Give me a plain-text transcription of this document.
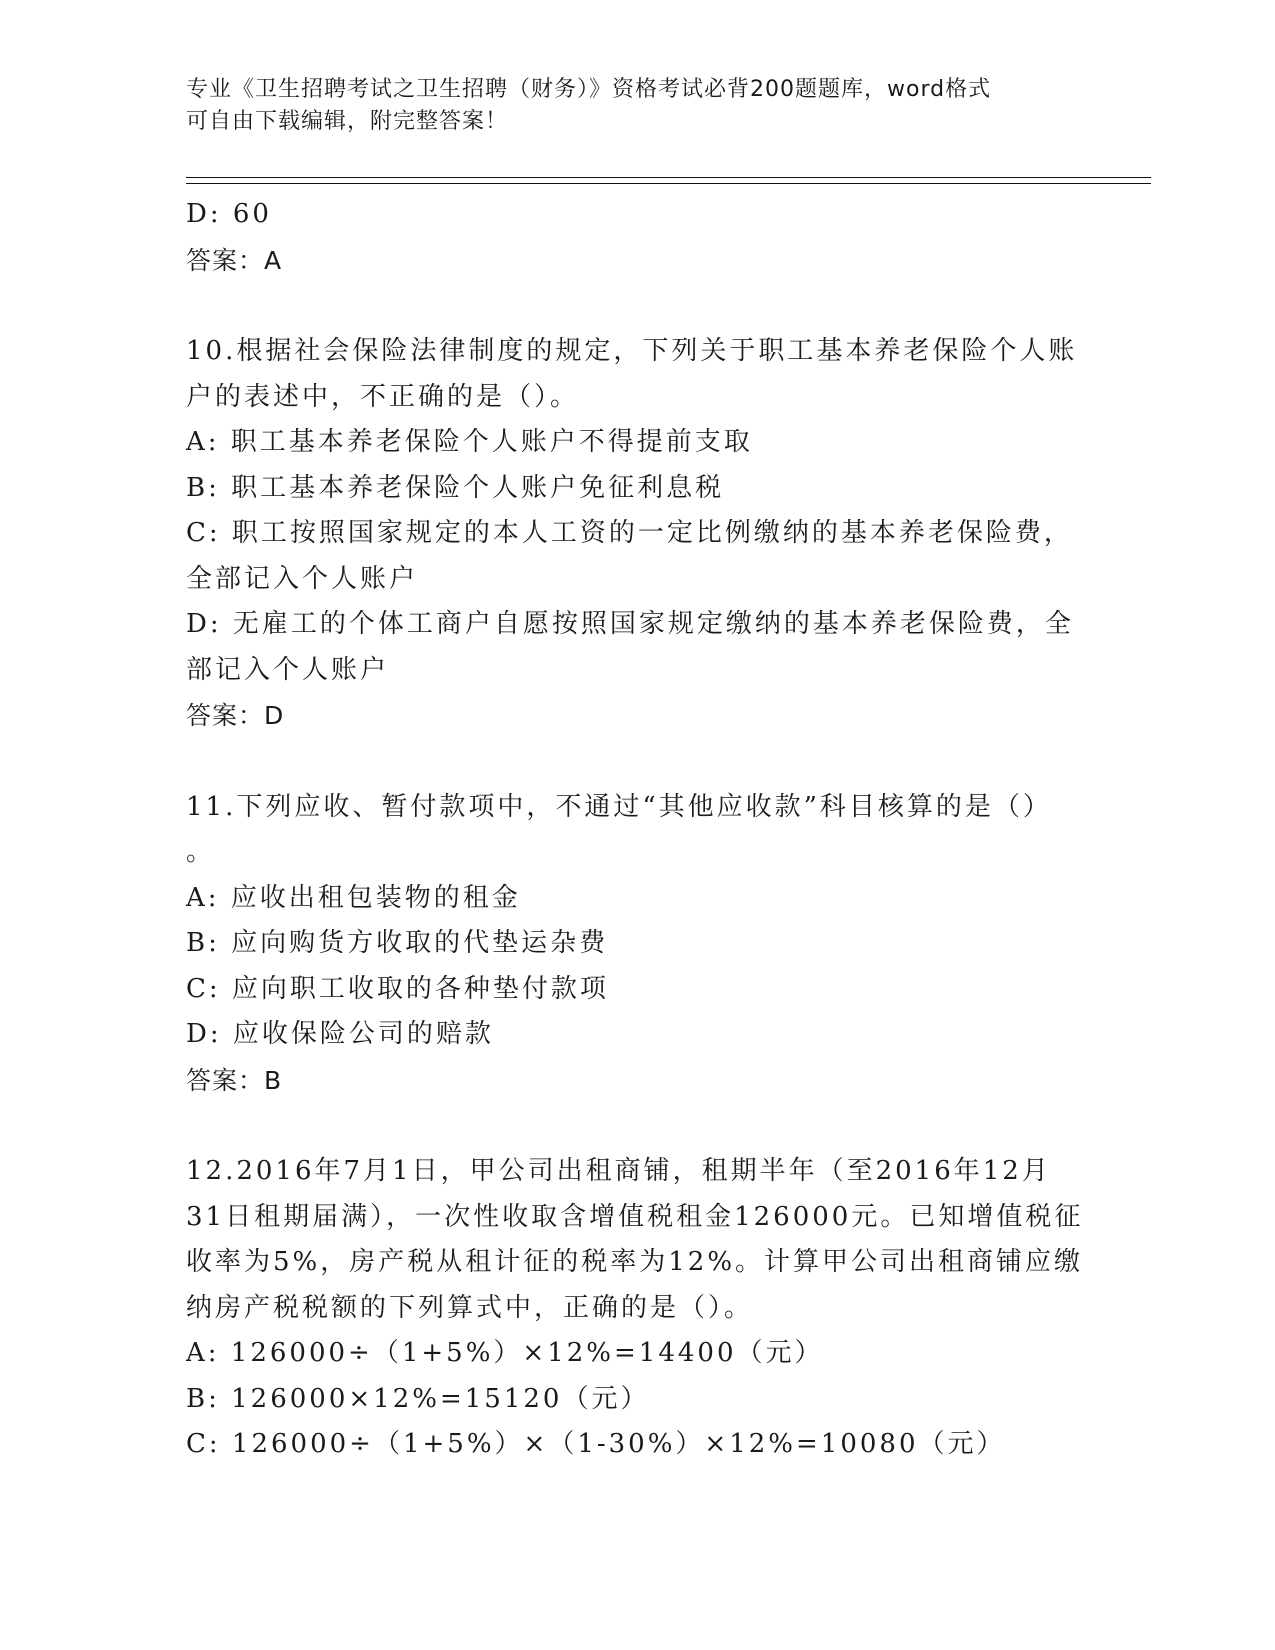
专业《卫生招聘考试之卫生招聘（财务）》资格考试必背200题题库，word格式
可自由下载编辑，附完整答案！

D: 60

答案：A

10.根据社会保险法律制度的规定，下列关于职工基本养老保险个人账

户的表述中，不正确的是（）。

A: 职工基本养老保险个人账户不得提前支取

B: 职工基本养老保险个人账户免征利息税

C: 职工按照国家规定的本人工资的一定比例缴纳的基本养老保险费，

全部记入个人账户

D: 无雇工的个体工商户自愿按照国家规定缴纳的基本养老保险费，全

部记入个人账户

答案：D

11.下列应收、暂付款项中，不通过“其他应收款”科目核算的是（）

。

A: 应收出租包装物的租金

B: 应向购货方收取的代垫运杂费

C: 应向职工收取的各种垫付款项

D: 应收保险公司的赔款

答案：B

12.2016年7月1日，甲公司出租商铺，租期半年（至2016年12月

31日租期届满），一次性收取含增值税租金126000元。已知增值税征

收率为5%，房产税从租计征的税率为12%。计算甲公司出租商铺应缴

纳房产税税额的下列算式中，正确的是（）。

A: 126000÷（1+5%）×12%=14400（元）

B: 126000×12%=15120（元）

C: 126000÷（1+5%）×（1-30%）×12%=10080（元）
